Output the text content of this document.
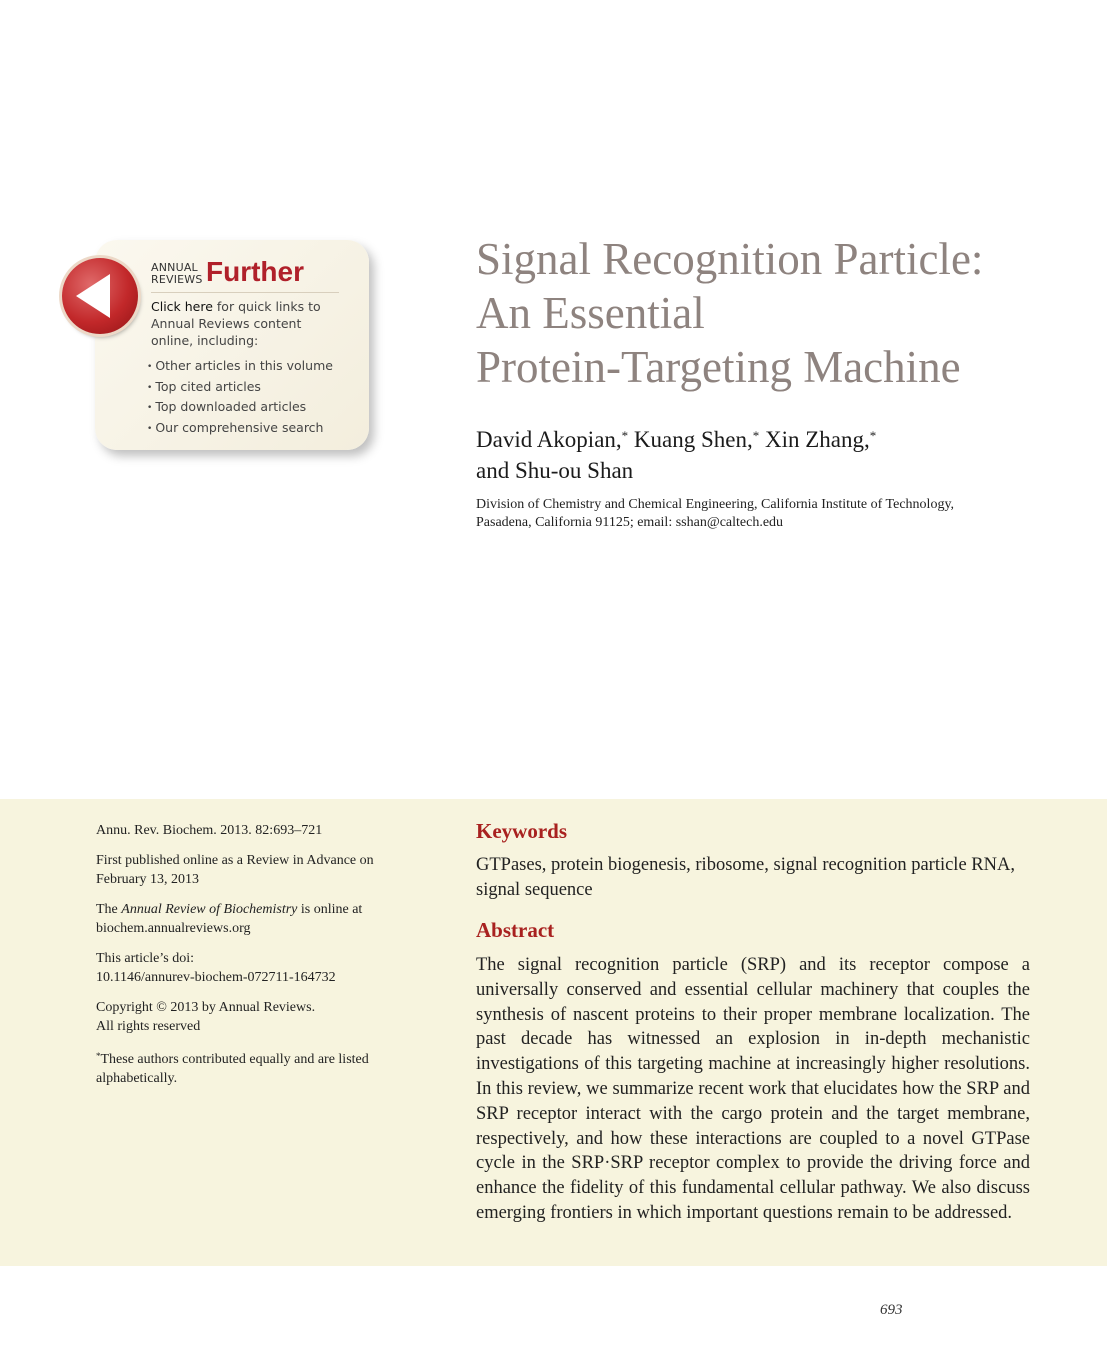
ANNUAL
REVIEWS Further
Click here for quick links to Annual Reviews content online, including:
• Other articles in this volume
• Top cited articles
• Top downloaded articles
• Our comprehensive search
Signal Recognition Particle:
An Essential
Protein-Targeting Machine
David Akopian,* Kuang Shen,* Xin Zhang,*
and Shu-ou Shan
Division of Chemistry and Chemical Engineering, California Institute of Technology,
Pasadena, California 91125; email: sshan@caltech.edu

Annu. Rev. Biochem. 2013. 82:693–721

First published online as a Review in Advance on February 13, 2013

The Annual Review of Biochemistry is online at biochem.annualreviews.org

This article’s doi:
10.1146/annurev-biochem-072711-164732

Copyright © 2013 by Annual Reviews.
All rights reserved

*These authors contributed equally and are listed alphabetically.

Keywords
GTPases, protein biogenesis, ribosome, signal recognition particle RNA, signal sequence
Abstract
The signal recognition particle (SRP) and its receptor compose a universally conserved and essential cellular machinery that couples the synthesis of nascent proteins to their proper membrane localization. The past decade has witnessed an explosion in in-depth mechanistic investigations of this targeting machine at increasingly higher resolutions. In this review, we summarize recent work that elucidates how the SRP and SRP receptor interact with the cargo protein and the target membrane, respectively, and how these interactions are coupled to a novel GTPase cycle in the SRP·SRP receptor complex to provide the driving force and enhance the fidelity of this fundamental cellular pathway. We also discuss emerging frontiers in which important questions remain to be addressed.
693
